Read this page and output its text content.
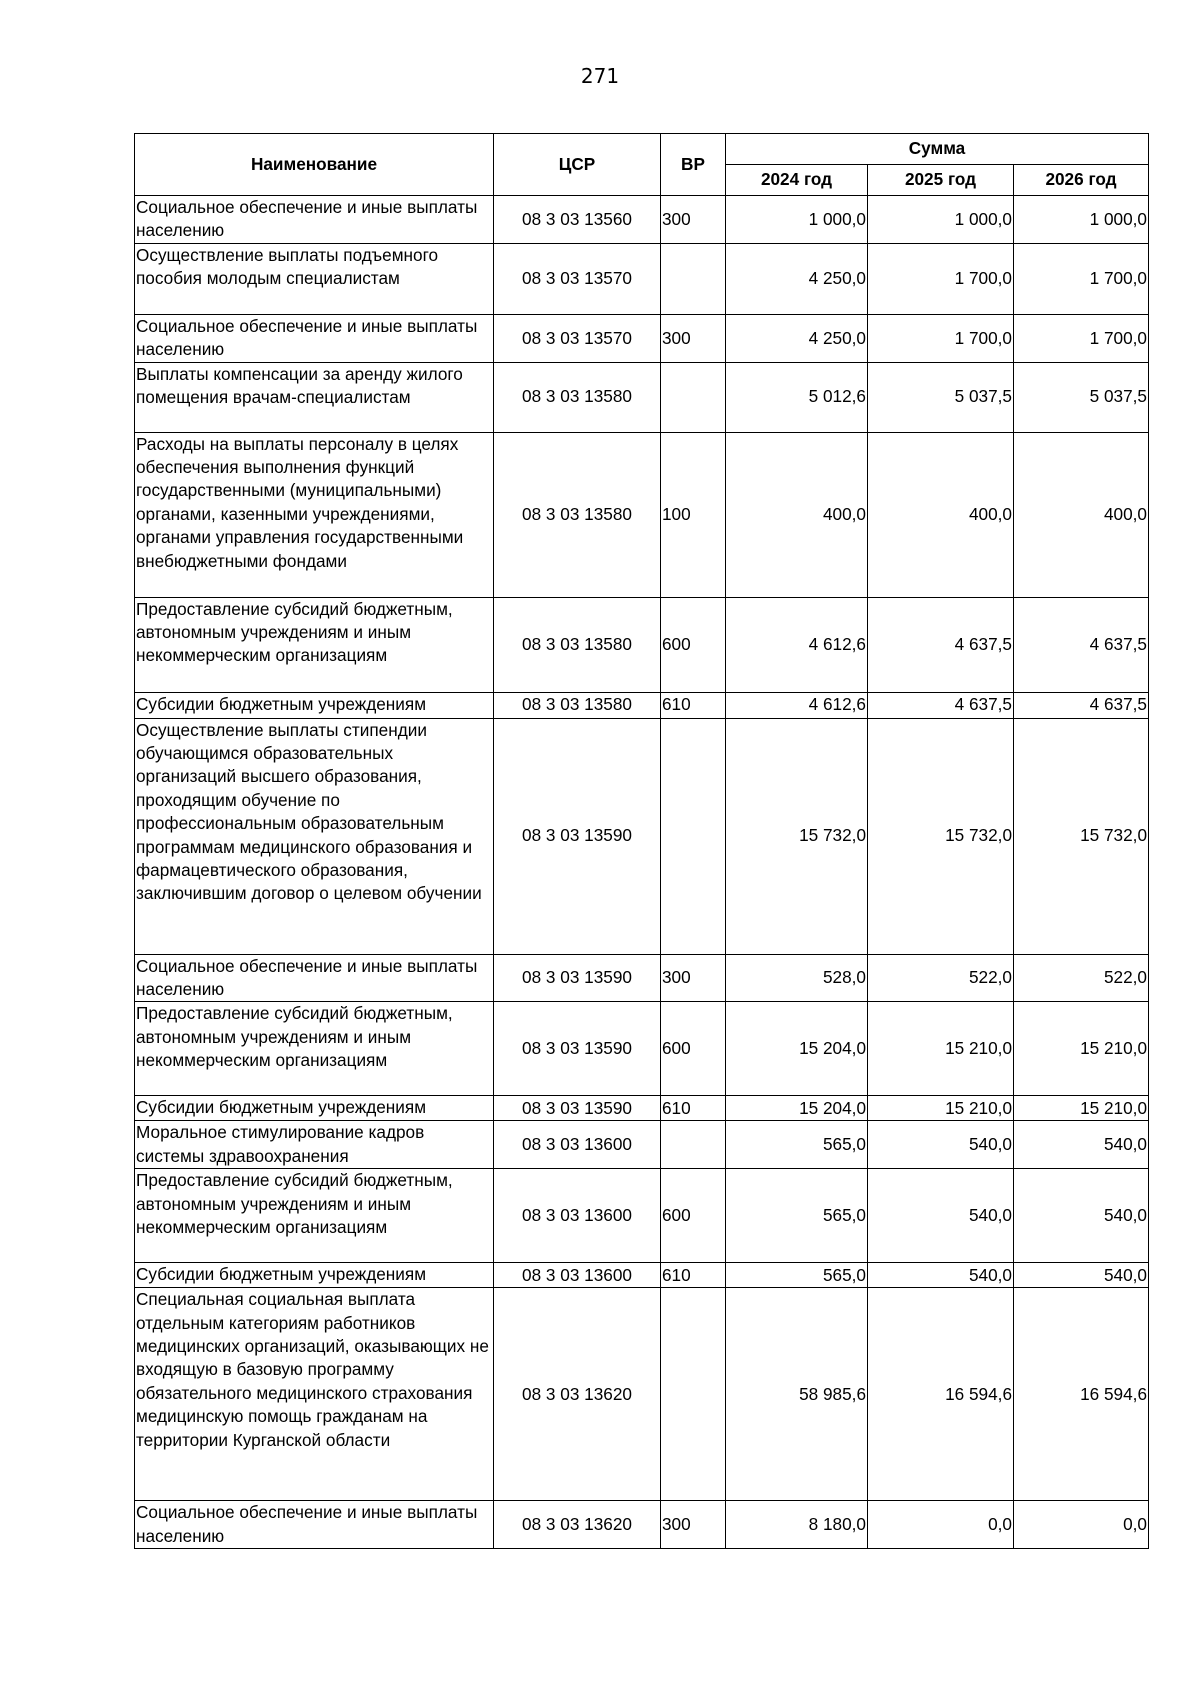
271
Наименование	ЦСР	ВР	Сумма		
			2024 год	2025 год	2026 год
Социальное обеспечение и иные выплаты населению	08 3 03 13560	300	1 000,0	1 000,0	1 000,0
Осуществление выплаты подъемного пособия молодым специалистам	08 3 03 13570		4 250,0	1 700,0	1 700,0
Социальное обеспечение и иные выплаты населению	08 3 03 13570	300	4 250,0	1 700,0	1 700,0
Выплаты компенсации за аренду жилого помещения врачам-специалистам	08 3 03 13580		5 012,6	5 037,5	5 037,5
Расходы на выплаты персоналу в целях обеспечения выполнения функций государственными (муниципальными) органами, казенными учреждениями, органами управления государственными внебюджетными фондами	08 3 03 13580	100	400,0	400,0	400,0
Предоставление субсидий бюджетным, автономным учреждениям и иным некоммерческим организациям	08 3 03 13580	600	4 612,6	4 637,5	4 637,5
Субсидии бюджетным учреждениям	08 3 03 13580	610	4 612,6	4 637,5	4 637,5
Осуществление выплаты стипендии обучающимся образовательных организаций высшего образования, проходящим обучение по профессиональным образовательным программам медицинского образования и фармацевтического образования, заключившим договор о целевом обучении	08 3 03 13590		15 732,0	15 732,0	15 732,0
Социальное обеспечение и иные выплаты населению	08 3 03 13590	300	528,0	522,0	522,0
Предоставление субсидий бюджетным, автономным учреждениям и иным некоммерческим организациям	08 3 03 13590	600	15 204,0	15 210,0	15 210,0
Субсидии бюджетным учреждениям	08 3 03 13590	610	15 204,0	15 210,0	15 210,0
Моральное стимулирование кадров системы здравоохранения	08 3 03 13600		565,0	540,0	540,0
Предоставление субсидий бюджетным, автономным учреждениям и иным некоммерческим организациям	08 3 03 13600	600	565,0	540,0	540,0
Субсидии бюджетным учреждениям	08 3 03 13600	610	565,0	540,0	540,0
Специальная социальная выплата отдельным категориям работников медицинских организаций, оказывающих не входящую в базовую программу обязательного медицинского страхования медицинскую помощь гражданам на территории Курганской области	08 3 03 13620		58 985,6	16 594,6	16 594,6
Социальное обеспечение и иные выплаты населению	08 3 03 13620	300	8 180,0	0,0	0,0
